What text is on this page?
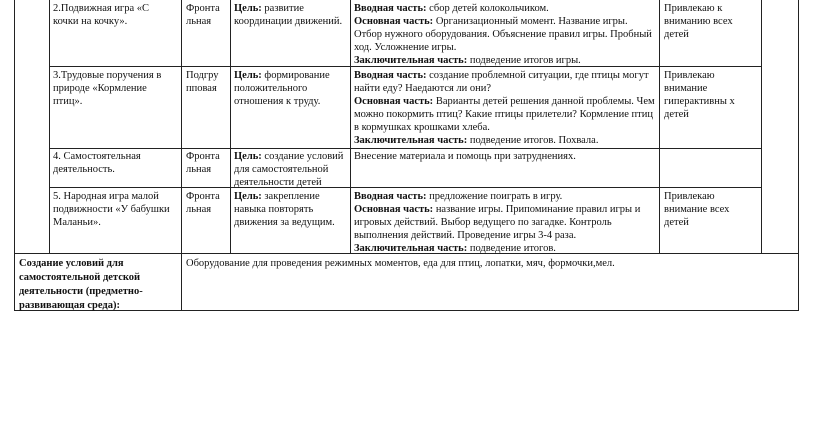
2.Подвижная игра «С кочки на кочку».
Фронта льная
Цель: развитие координации движений.
Вводная часть: сбор детей колокольчиком.
Основная часть: Организационный момент. Название игры. Отбор нужного оборудования. Объяснение правил игры. Пробный ход. Усложнение игры.
Заключительная часть: подведение итогов игры.
Привлекаю к вниманию всех детей
3.Трудовые поручения в природе «Кормление птиц».
Подгру пповая
Цель: формирование положительного отношения к труду.
Вводная часть: создание проблемной ситуации, где птицы могут найти еду? Наедаются ли они?
Основная часть: Варианты детей решения данной проблемы. Чем можно покормить птиц? Какие птицы прилетели? Кормление птиц в кормушках крошками хлеба.
Заключительная часть: подведение итогов. Похвала.
Привлекаю внимание гиперактивны х детей
4. Самостоятельная деятельность.
Фронта льная
Цель: создание условий для самостоятельной деятельности детей
Внесение материала и помощь при затруднениях.
5. Народная игра малой подвижности «У бабушки Маланьи».
Фронта льная
Цель: закрепление навыка повторять движения за ведущим.
Вводная часть: предложение поиграть в игру.
Основная часть: название игры. Припоминание правил игры и игровых действий. Выбор ведущего по загадке. Контроль выполнения действий. Проведение игры 3-4 раза.
Заключительная часть: подведение итогов.
Привлекаю внимание всех детей
Создание условий для самостоятельной детской деятельности (предметно-развивающая среда):
Оборудование для проведения режимных моментов, еда для птиц, лопатки, мяч, формочки,мел.
